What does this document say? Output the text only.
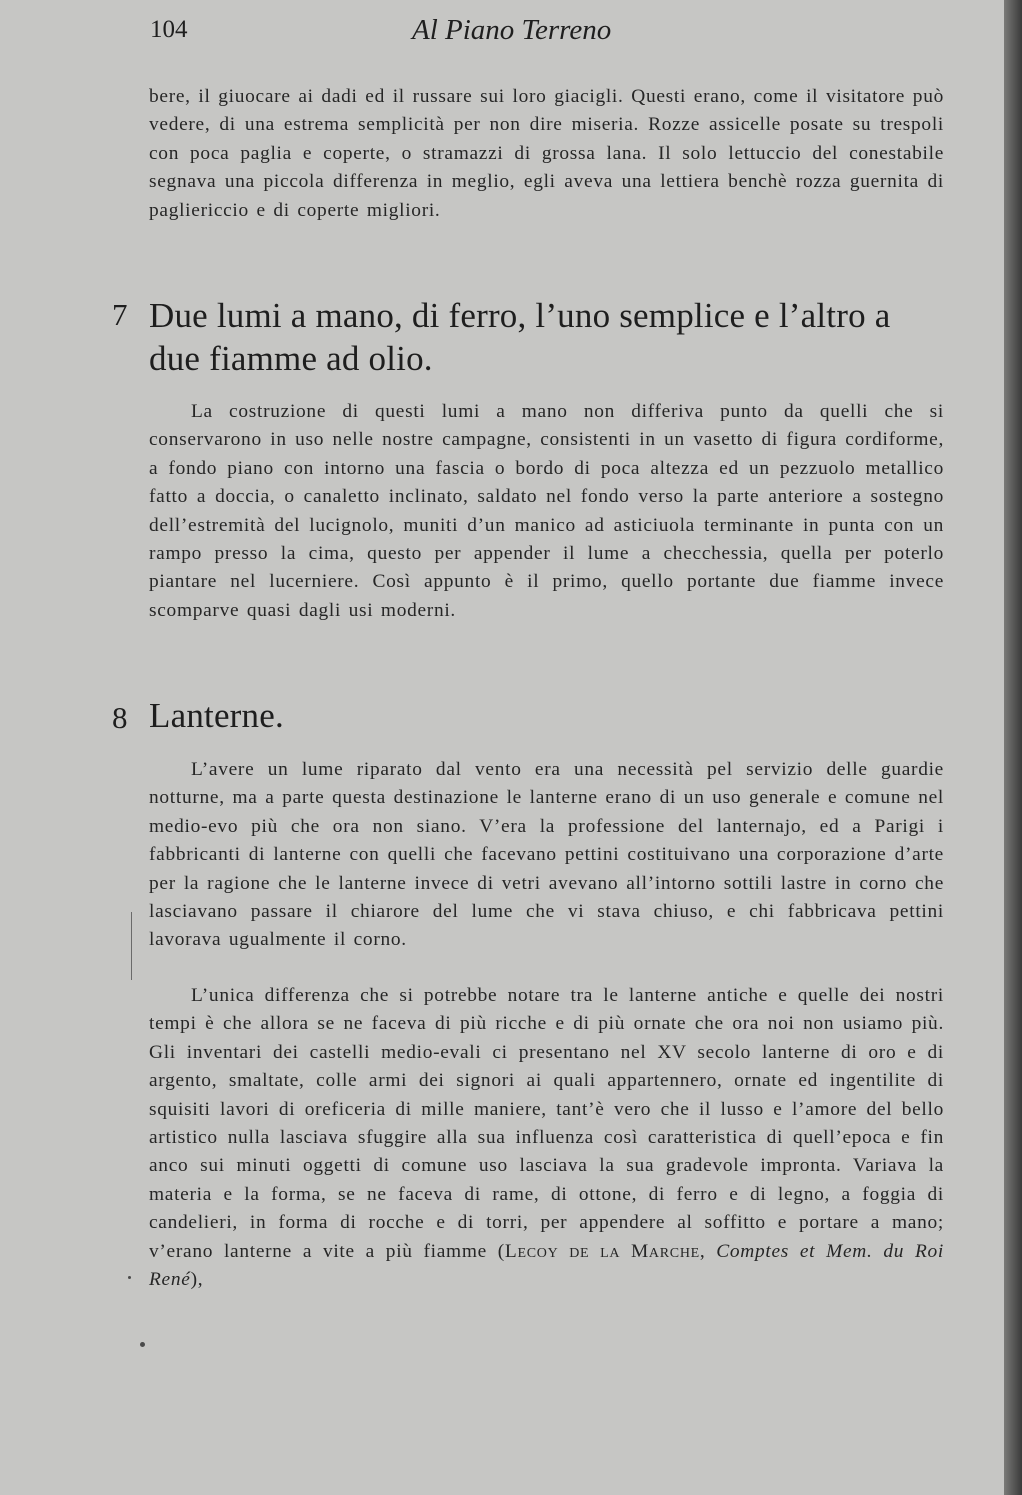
104	Al Piano Terreno

bere, il giuocare ai dadi ed il russare sui loro giacigli. Questi erano, come il visitatore può vedere, di una estrema semplicità per non dire miseria. Rozze assicelle posate su trespoli con poca paglia e coperte, o stramazzi di grossa lana. Il solo lettuccio del conestabile segnava una piccola differenza in meglio, egli aveva una lettiera benchè rozza guernita di pagliericcio e di coperte migliori.

7 Due lumi a mano, di ferro, l’uno semplice e l’altro a due fiamme ad olio.

La costruzione di questi lumi a mano non differiva punto da quelli che si conservarono in uso nelle nostre campagne, consistenti in un vasetto di figura cordiforme, a fondo piano con intorno una fascia o bordo di poca altezza ed un pezzuolo metallico fatto a doccia, o canaletto inclinato, saldato nel fondo verso la parte anteriore a sostegno dell’estremità del lucignolo, muniti d’un manico ad asticiuola terminante in punta con un rampo presso la cima, questo per appender il lume a checchessia, quella per poterlo piantare nel lucerniere. Così appunto è il primo, quello portante due fiamme invece scomparve quasi dagli usi moderni.

8 Lanterne.

L’avere un lume riparato dal vento era una necessità pel servizio delle guardie notturne, ma a parte questa destinazione le lanterne erano di un uso generale e comune nel medio-evo più che ora non siano. V’era la professione del lanternajo, ed a Parigi i fabbricanti di lanterne con quelli che facevano pettini costituivano una corporazione d’arte per la ragione che le lanterne invece di vetri avevano all’intorno sottili lastre in corno che lasciavano passare il chiarore del lume che vi stava chiuso, e chi fabbricava pettini lavorava ugualmente il corno.

L’unica differenza che si potrebbe notare tra le lanterne antiche e quelle dei nostri tempi è che allora se ne faceva di più ricche e di più ornate che ora noi non usiamo più. Gli inventari dei castelli medio-evali ci presentano nel XV secolo lanterne di oro e di argento, smaltate, colle armi dei signori ai quali appartennero, ornate ed ingentilite di squisiti lavori di oreficeria di mille maniere, tant’è vero che il lusso e l’amore del bello artistico nulla lasciava sfuggire alla sua influenza così caratteristica di quell’epoca e fin anco sui minuti oggetti di comune uso lasciava la sua gradevole impronta. Variava la materia e la forma, se ne faceva di rame, di ottone, di ferro e di legno, a foggia di candelieri, in forma di rocche e di torri, per appendere al soffitto e portare a mano; v’erano lanterne a vite a più fiamme (Lecoy de la Marche, Comptes et Mem. du Roi René),
